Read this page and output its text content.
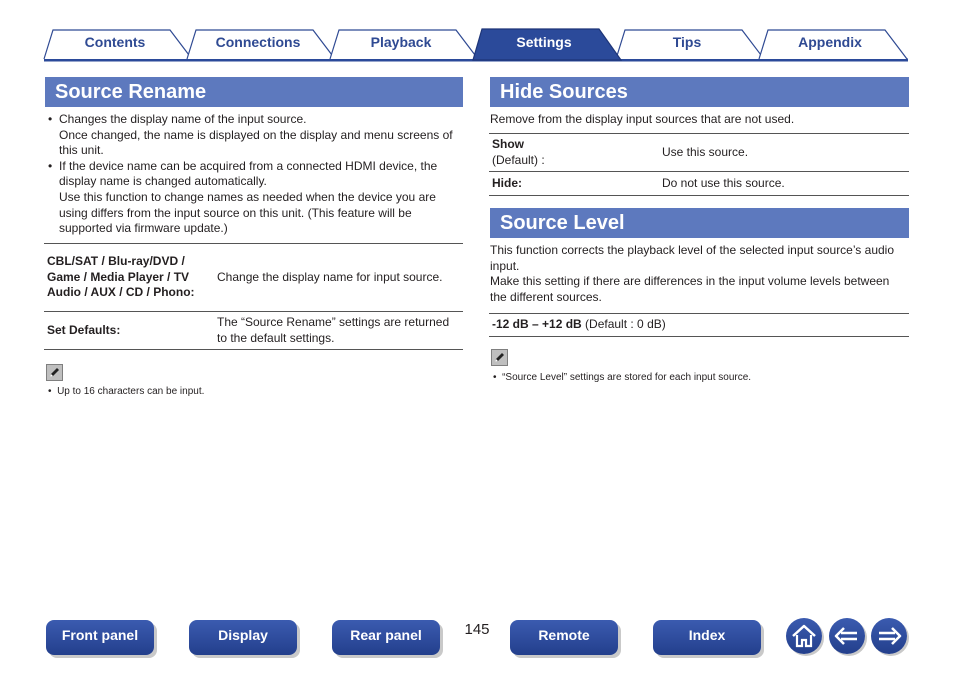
Contents	Connections	Playback	Settings	Tips	Appendix
Source Rename
• Changes the display name of the input source.
Once changed, the name is displayed on the display and menu screens of this unit.
• If the device name can be acquired from a connected HDMI device, the display name is changed automatically.
Use this function to change names as needed when the device you are using differs from the input source on this unit. (This feature will be supported via firmware update.)
CBL/SAT / Blu-ray/DVD / Game / Media Player / TV Audio / AUX / CD / Phono:	Change the display name for input source.
Set Defaults:	The “Source Rename” settings are returned to the default settings.
•  Up to 16 characters can be input.
Hide Sources
Remove from the display input sources that are not used.
Show
(Default) :	Use this source.
Hide:	Do not use this source.
Source Level
This function corrects the playback level of the selected input source’s audio input.
Make this setting if there are differences in the input volume levels between the different sources.
-12 dB – +12 dB (Default : 0 dB)
•  “Source Level” settings are stored for each input source.
Front panel	Display	Rear panel	145	Remote	Index
